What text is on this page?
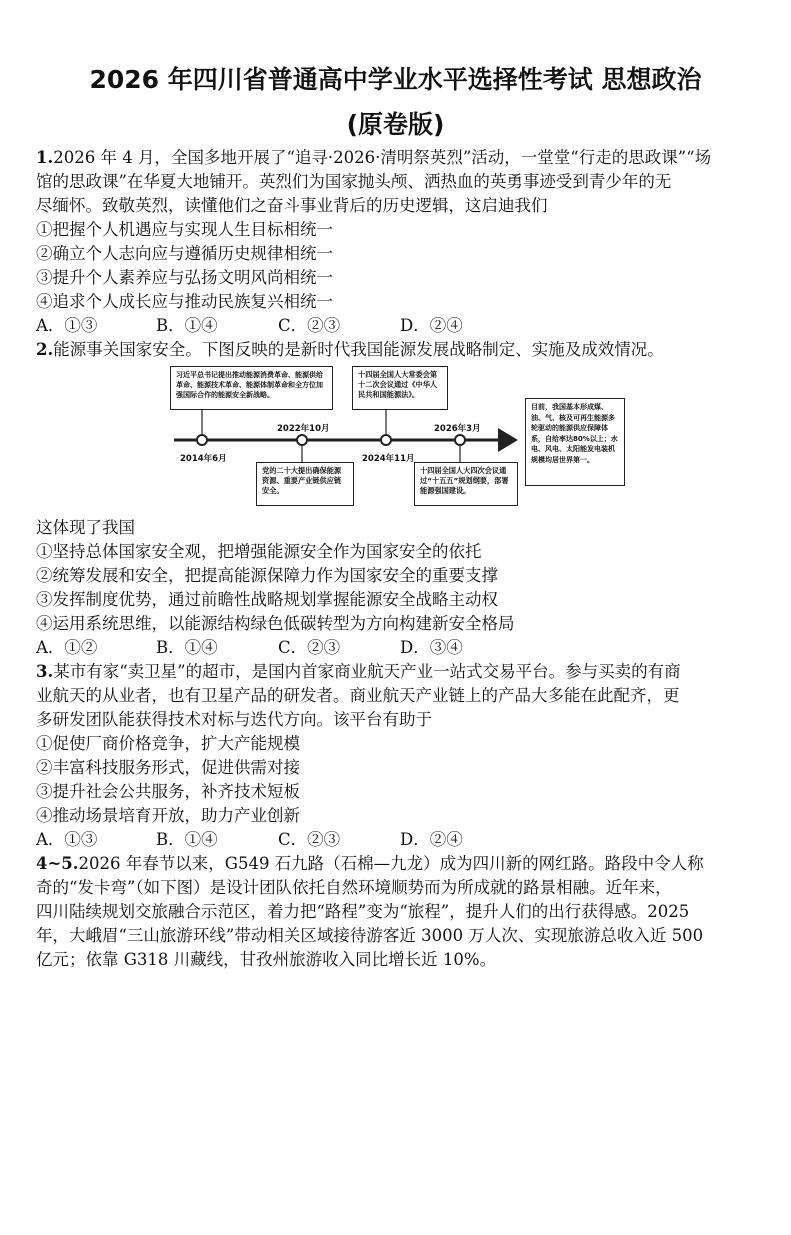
2026 年四川省普通高中学业水平选择性考试 思想政治
(原卷版)
1.2026 年 4 月，全国多地开展了“追寻·2026·清明祭英烈”活动，一堂堂“行走的思政课”“场
馆的思政课”在华夏大地铺开。英烈们为国家抛头颅、洒热血的英勇事迹受到青少年的无
尽缅怀。致敬英烈，读懂他们之奋斗事业背后的历史逻辑，这启迪我们
①把握个人机遇应与实现人生目标相统一
②确立个人志向应与遵循历史规律相统一
③提升个人素养应与弘扬文明风尚相统一
④追求个人成长应与推动民族复兴相统一
A．①③	B．①④	C．②③	D．②④
2.能源事关国家安全。下图反映的是新时代我国能源发展战略制定、实施及成效情况。
习近平总书记提出推动能源消费革命、能源供给革命、能源技术革命、能源体制革命和全方位加强国际合作的能源安全新战略。
党的二十大提出确保能源资源、重要产业链供应链安全。
十四届全国人大常委会第十二次会议通过《中华人民共和国能源法》。
十四届全国人大四次会议通过“十五五”规划纲要，部署能源强国建设。
目前，我国基本形成煤、油、气、核及可再生能源多轮驱动的能源供应保障体系，自给率达80%以上；水电、风电、太阳能发电装机规模均居世界第一。
2014年6月
2022年10月
2024年11月
2026年3月
这体现了我国
①坚持总体国家安全观，把增强能源安全作为国家安全的依托
②统筹发展和安全，把提高能源保障力作为国家安全的重要支撑
③发挥制度优势，通过前瞻性战略规划掌握能源安全战略主动权
④运用系统思维，以能源结构绿色低碳转型为方向构建新安全格局
A．①②	B．①④	C．②③	D．③④
3.某市有家“卖卫星”的超市，是国内首家商业航天产业一站式交易平台。参与买卖的有商
业航天的从业者，也有卫星产品的研发者。商业航天产业链上的产品大多能在此配齐，更
多研发团队能获得技术对标与迭代方向。该平台有助于
①促使厂商价格竞争，扩大产能规模
②丰富科技服务形式，促进供需对接
③提升社会公共服务，补齐技术短板
④推动场景培育开放，助力产业创新
A．①③	B．①④	C．②③	D．②④
4~5.2026 年春节以来，G549 石九路（石棉—九龙）成为四川新的网红路。路段中令人称
奇的“发卡弯”（如下图）是设计团队依托自然环境顺势而为所成就的路景相融。近年来，
四川陆续规划交旅融合示范区，着力把“路程”变为“旅程”，提升人们的出行获得感。2025
年，大峨眉“三山旅游环线”带动相关区域接待游客近 3000 万人次、实现旅游总收入近 500
亿元；依靠 G318 川藏线，甘孜州旅游收入同比增长近 10%。
